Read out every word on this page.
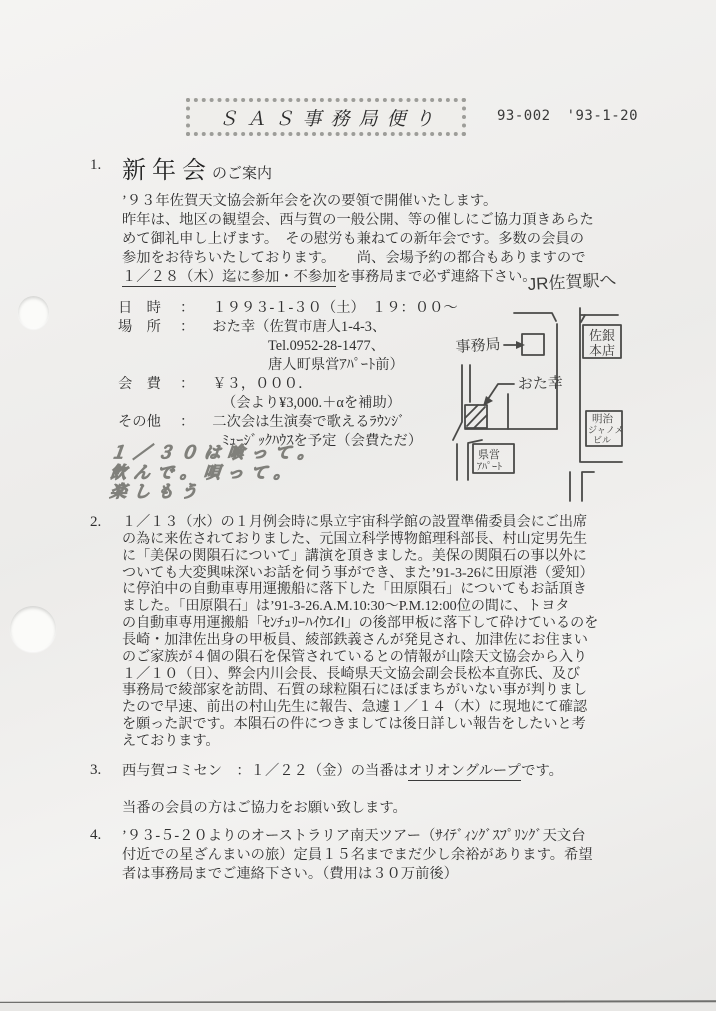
ＳＡＳ事務局便り	93-002 '93-1-20
1. 新年会のご案内
’９３年佐賀天文協会新年会を次の要領で開催いたします。
昨年は、地区の観望会、西与賀の一般公開、等の催しにご協力頂きあらた
めて御礼申し上げます。　その慰労も兼ねての新年会です。多数の会員の
参加をお待ちいたしております。　　尚、会場予約の都合もありますので
１／２８（木）迄に参加・不参加を事務局まで必ず連絡下さい。
日　時 ： １９９３-１-３０（土）　１９：００～
場　所 ： おた幸（佐賀市唐人1-4-3、
Tel.0952-28-1477、
唐人町県営ｱﾊﾟｰﾄ前）
会　費 ： ￥３，０００．
（会より¥3,000.＋αを補助）
その他 ： 二次会は生演奏で歌えるﾗｳﾝｼﾞ
ﾐｭｰｼﾞｯｸﾊｳｽを予定（会費ただ）
１／３０は喰って。
飲んで。唄って。
楽しもう
JR佐賀駅へ
事務局
おた幸
佐銀 本店
明治 ジャノメ ビル
県営 ｱﾊﾟｰﾄ
2. １／１３（水）の１月例会時に県立宇宙科学館の設置準備委員会にご出席
の為に来佐されておりました、元国立科学博物館理科部長、村山定男先生
に「美保の関隕石について」講演を頂きました。美保の関隕石の事以外に
ついても大変興味深いお話を伺う事ができ、また’91-3-26に田原港（愛知）
に停泊中の自動車専用運搬船に落下した「田原隕石」についてもお話頂き
ました。「田原隕石」は’91-3-26.A.M.10:30～P.M.12:00位の間に、トヨタ
の自動車専用運搬船「ｾﾝﾁｭﾘｰﾊｲｳｴｲⅠ」の後部甲板に落下して砕けているのを
長崎・加津佐出身の甲板員、綾部鉄義さんが発見され、加津佐にお住まい
のご家族が４個の隕石を保管されているとの情報が山陰天文協会から入り
１／１０（日）、弊会内川会長、長崎県天文協会副会長松本直弥氏、及び
事務局で綾部家を訪問、石質の球粒隕石にほぼまちがいない事が判りまし
たので早速、前出の村山先生に報告、急遽１／１４（木）に現地にて確認
を願った訳です。本隕石の件につきましては後日詳しい報告をしたいと考
えております。
3. 西与賀コミセン　：１／２２（金）の当番はオリオングループです。
当番の会員の方はご協力をお願い致します。
4. ’９３-５-２０よりのオーストラリア南天ツアー（ｻｲﾃﾞｨﾝｸﾞｽﾌﾟﾘﾝｸﾞ天文台
付近での星ざんまいの旅）定員１５名までまだ少し余裕があります。希望
者は事務局までご連絡下さい。（費用は３０万前後）
